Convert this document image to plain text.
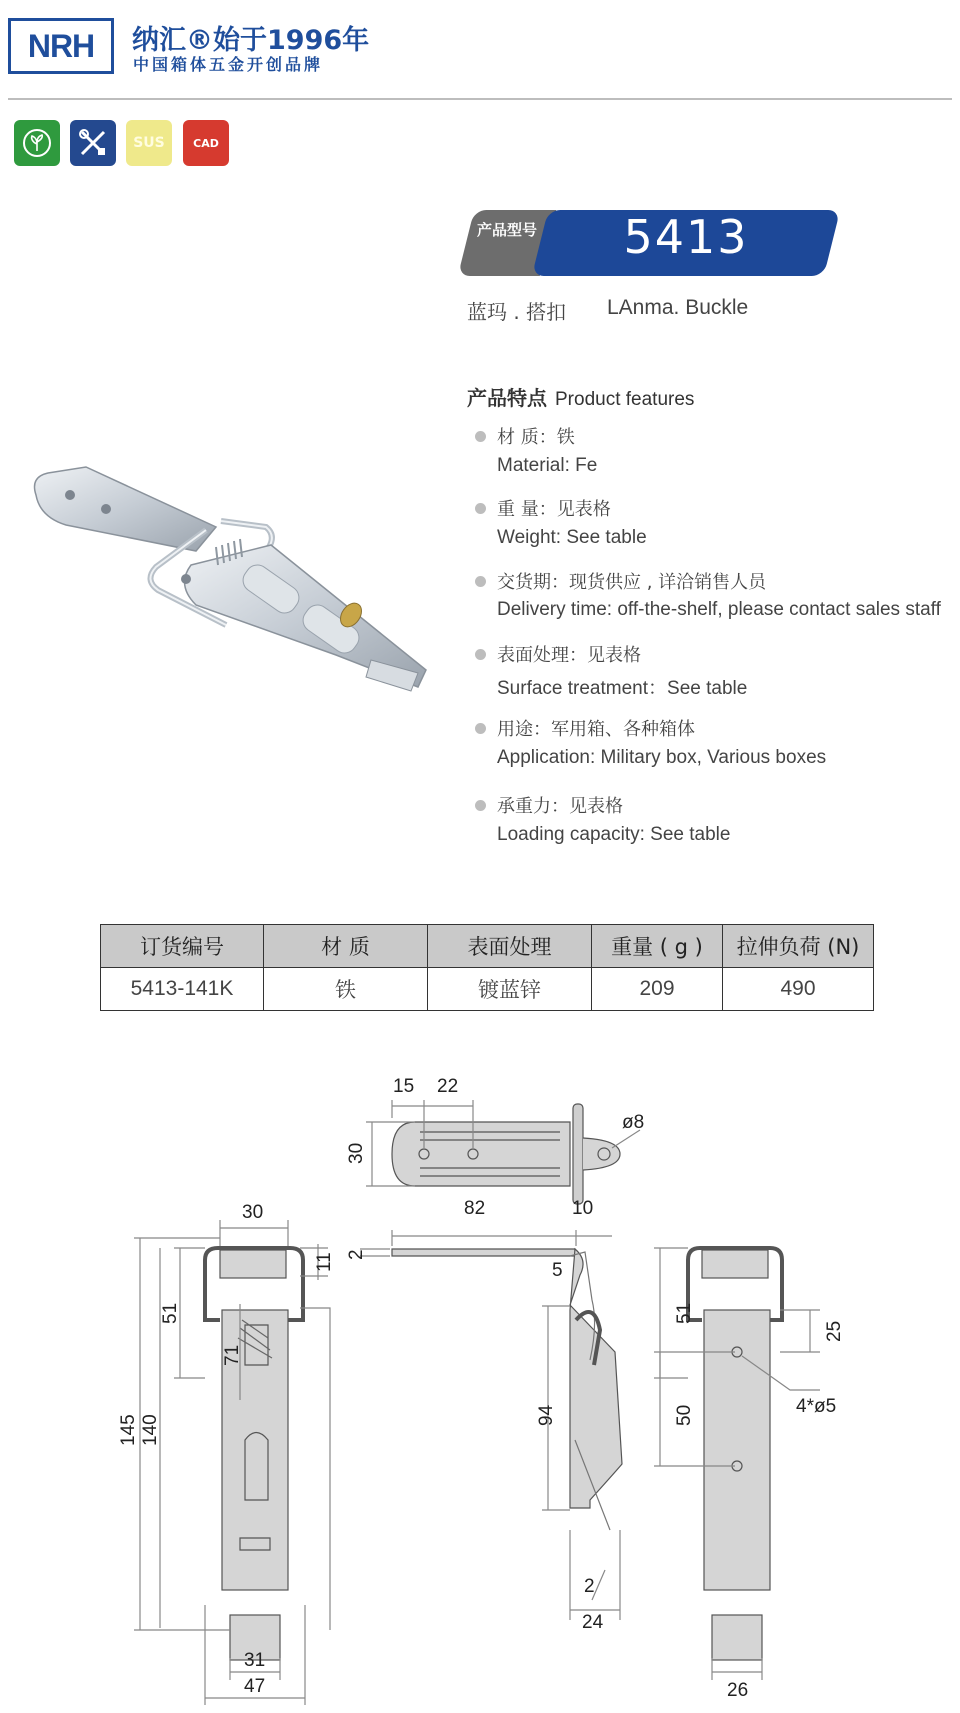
NRH	纳汇®始于1996年
中国箱体五金开创品牌
SUS	CAD
产品型号	5413
蓝玛 . 搭扣 LAnma. Buckle
产品特点 Product features
材 质：铁
Material: Fe
重 量：见表格
Weight: See table
交货期：现货供应 , 详洽销售人员
Delivery time: off-the-shelf, please contact sales staff
表面处理：见表格
Surface treatment：See table
用途：军用箱、各种箱体
Application: Military box, Various boxes
承重力：见表格
Loading capacity: See table
订货编号	材 质	表面处理	重量 ( g )	拉伸负荷 (N)
5413-141K	铁	镀蓝锌	209	490
15 22
30
ø8
82	10
2
5
94
2
24
30
11
51
71
145 140
31
47
51
25
4*ø5
50
26
